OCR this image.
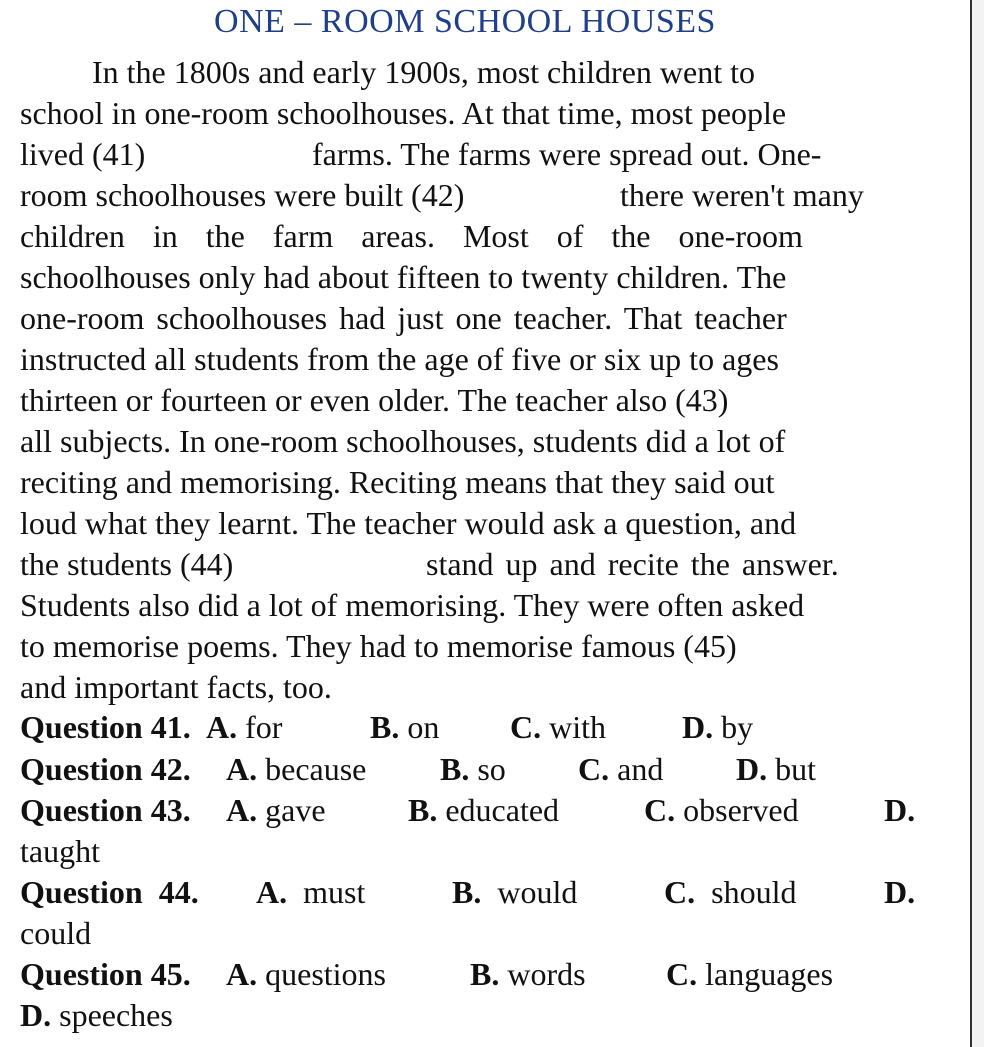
ONE – ROOM SCHOOL HOUSES
In the 1800s and early 1900s, most children went to
school in one-room schoolhouses. At that time, most people
lived (41)	farms. The farms were spread out. One-
room schoolhouses were built (42)	there weren't many
children in the farm areas. Most of the one-room
schoolhouses only had about fifteen to twenty children. The
one-room schoolhouses had just one teacher. That teacher
instructed all students from the age of five or six up to ages
thirteen or fourteen or even older. The teacher also (43)
all subjects. In one-room schoolhouses, students did a lot of
reciting and memorising. Reciting means that they said out
loud what they learnt. The teacher would ask a question, and
the students (44)	stand up and recite the answer.
Students also did a lot of memorising. They were often asked
to memorise poems. They had to memorise famous (45)
and important facts, too.
Question 41. A. for	B. on C. with D. by
Question 42. A. because B. so C. and D. but
Question 43. A. gave	B. educated	C. observed	D.
taught
Question 44. A. must	B. would	C. should	D.
could
Question 45. A. questions	B. words	C. languages
D. speeches
